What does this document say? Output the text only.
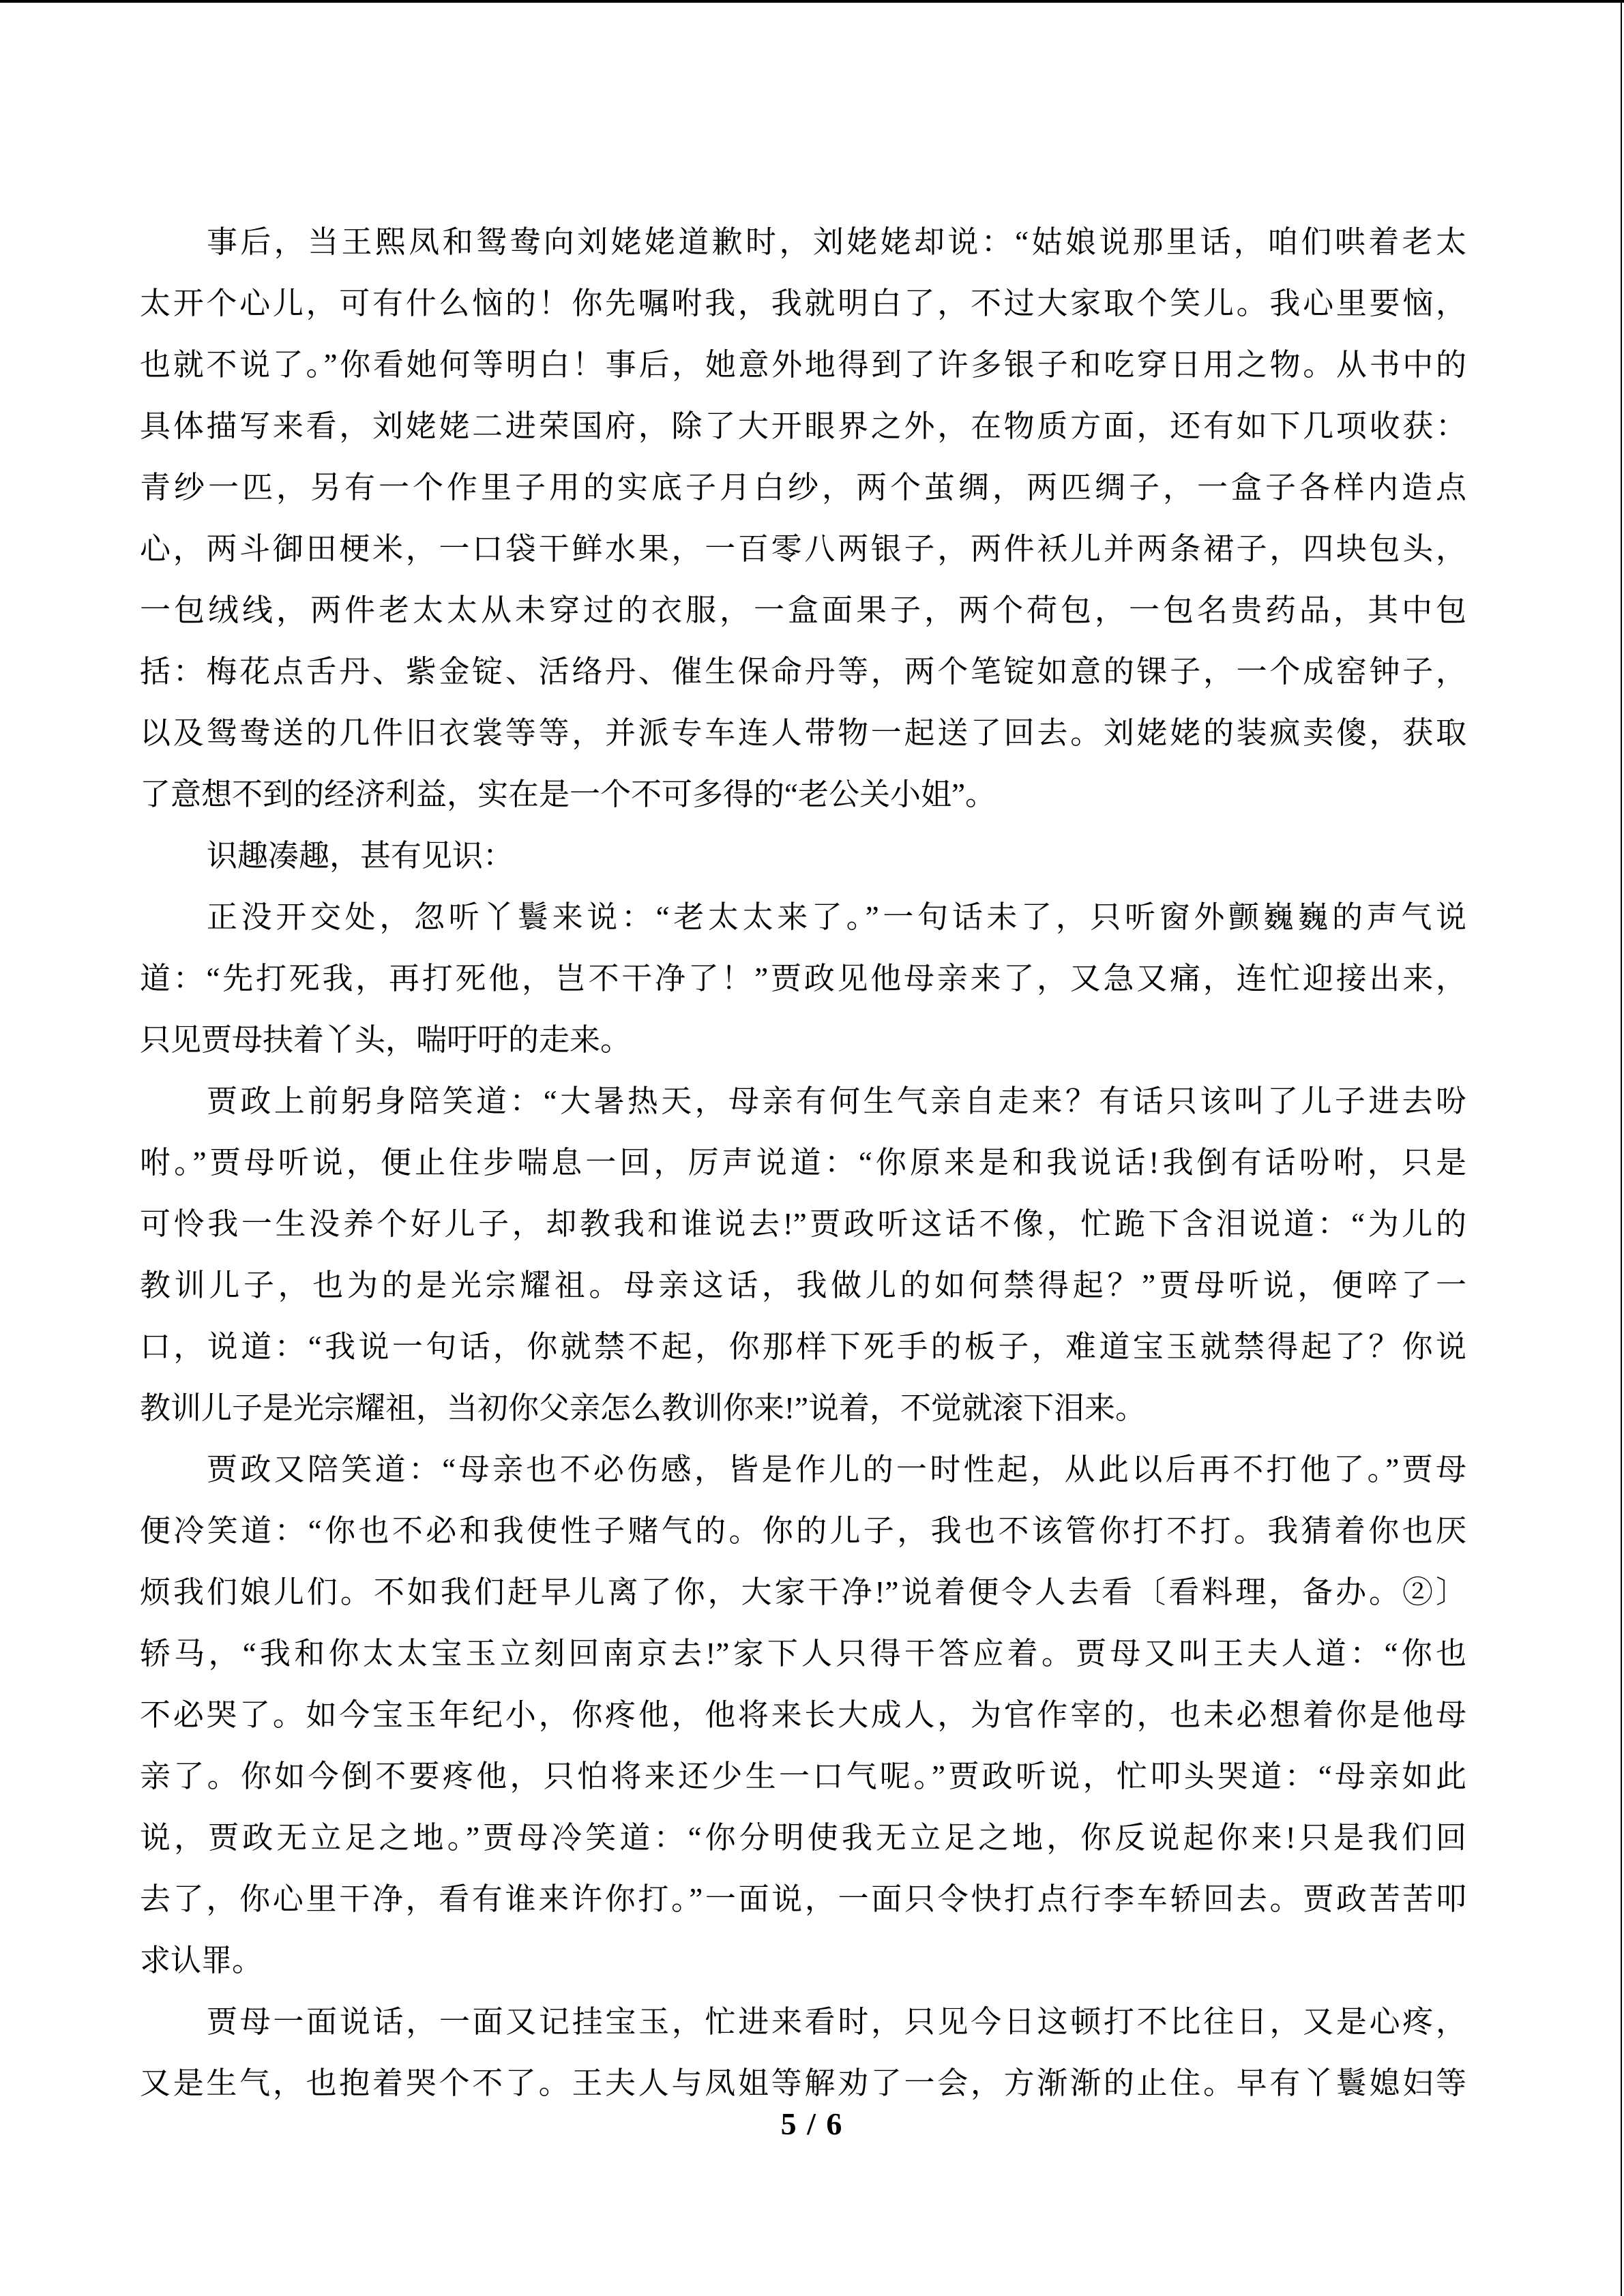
事后，当王熙凤和鸳鸯向刘姥姥道歉时，刘姥姥却说：“姑娘说那里话，咱们哄着老太
太开个心儿，可有什么恼的！你先嘱咐我，我就明白了，不过大家取个笑儿。我心里要恼，
也就不说了。”你看她何等明白！事后，她意外地得到了许多银子和吃穿日用之物。从书中的
具体描写来看，刘姥姥二进荣国府，除了大开眼界之外，在物质方面，还有如下几项收获：
青纱一匹，另有一个作里子用的实底子月白纱，两个茧绸，两匹绸子，一盒子各样内造点
心，两斗御田梗米，一口袋干鲜水果，一百零八两银子，两件袄儿并两条裙子，四块包头，
一包绒线，两件老太太从未穿过的衣服，一盒面果子，两个荷包，一包名贵药品，其中包
括：梅花点舌丹、紫金锭、活络丹、催生保命丹等，两个笔锭如意的锞子，一个成窑钟子，
以及鸳鸯送的几件旧衣裳等等，并派专车连人带物一起送了回去。刘姥姥的装疯卖傻，获取
了意想不到的经济利益，实在是一个不可多得的“老公关小姐”。
识趣凑趣，甚有见识：
正没开交处，忽听丫鬟来说：“老太太来了。”一句话未了，只听窗外颤巍巍的声气说
道：“先打死我，再打死他，岂不干净了！”贾政见他母亲来了，又急又痛，连忙迎接出来，
只见贾母扶着丫头，喘吁吁的走来。
贾政上前躬身陪笑道：“大暑热天，母亲有何生气亲自走来？有话只该叫了儿子进去吩
咐。”贾母听说，便止住步喘息一回，厉声说道：“你原来是和我说话!我倒有话吩咐，只是
可怜我一生没养个好儿子，却教我和谁说去!”贾政听这话不像，忙跪下含泪说道：“为儿的
教训儿子，也为的是光宗耀祖。母亲这话，我做儿的如何禁得起？”贾母听说，便啐了一
口，说道：“我说一句话，你就禁不起，你那样下死手的板子，难道宝玉就禁得起了？你说
教训儿子是光宗耀祖，当初你父亲怎么教训你来!”说着，不觉就滚下泪来。
贾政又陪笑道：“母亲也不必伤感，皆是作儿的一时性起，从此以后再不打他了。”贾母
便冷笑道：“你也不必和我使性子赌气的。你的儿子，我也不该管你打不打。我猜着你也厌
烦我们娘儿们。不如我们赶早儿离了你，大家干净!”说着便令人去看〔看料理，备办。②〕
轿马，“我和你太太宝玉立刻回南京去!”家下人只得干答应着。贾母又叫王夫人道：“你也
不必哭了。如今宝玉年纪小，你疼他，他将来长大成人，为官作宰的，也未必想着你是他母
亲了。你如今倒不要疼他，只怕将来还少生一口气呢。”贾政听说，忙叩头哭道：“母亲如此
说，贾政无立足之地。”贾母冷笑道：“你分明使我无立足之地，你反说起你来!只是我们回
去了，你心里干净，看有谁来许你打。”一面说，一面只令快打点行李车轿回去。贾政苦苦叩
求认罪。
贾母一面说话，一面又记挂宝玉，忙进来看时，只见今日这顿打不比往日，又是心疼，
又是生气，也抱着哭个不了。王夫人与凤姐等解劝了一会，方渐渐的止住。早有丫鬟媳妇等
5 / 6
